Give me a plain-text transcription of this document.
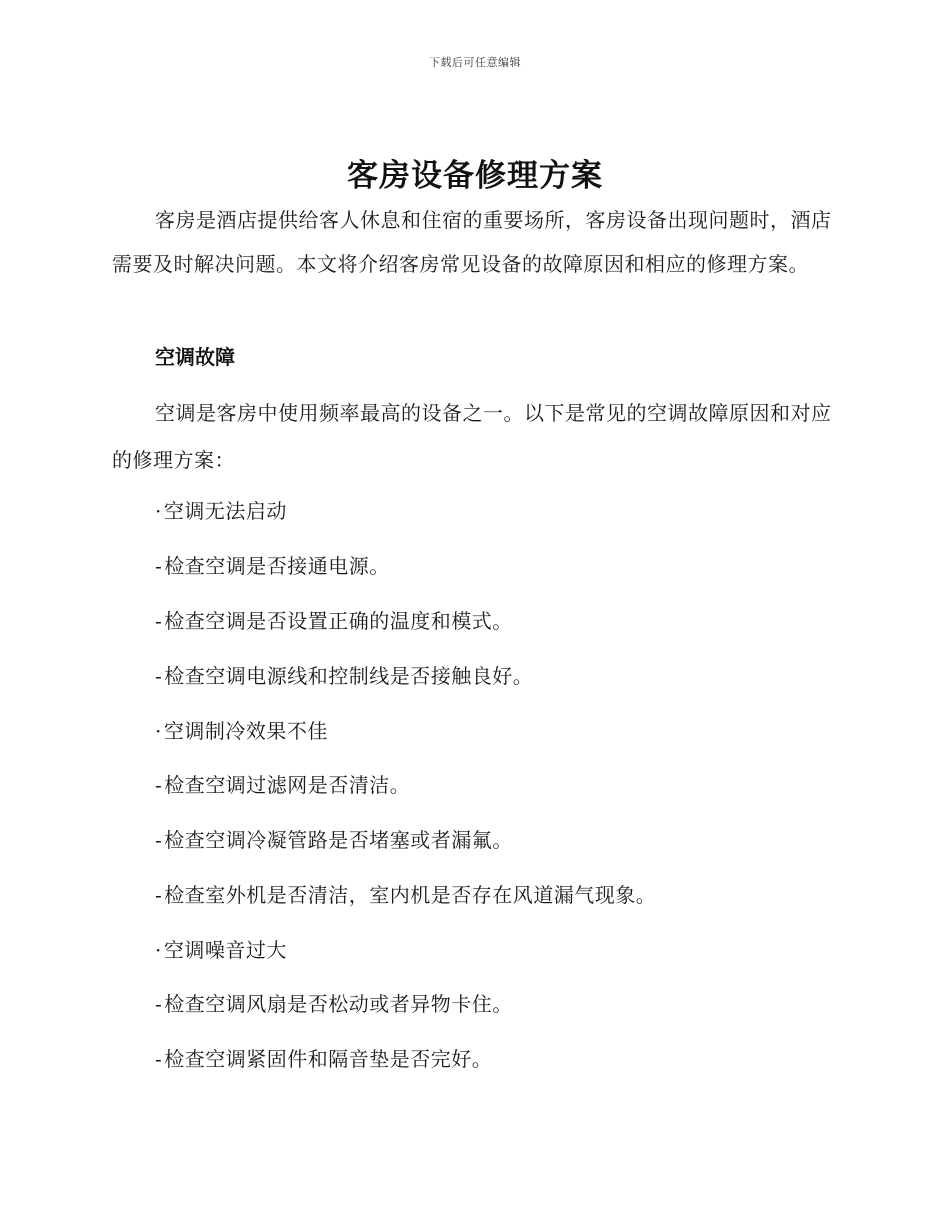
下载后可任意编辑
客房设备修理方案

客房是酒店提供给客人休息和住宿的重要场所，客房设备出现问题时，酒店需要及时解决问题。本文将介绍客房常见设备的故障原因和相应的修理方案。

空调故障

空调是客房中使用频率最高的设备之一。以下是常见的空调故障原因和对应的修理方案：

· 空调无法启动

- 检查空调是否接通电源。

- 检查空调是否设置正确的温度和模式。

- 检查空调电源线和控制线是否接触良好。

· 空调制冷效果不佳

- 检查空调过滤网是否清洁。

- 检查空调冷凝管路是否堵塞或者漏氟。

- 检查室外机是否清洁，室内机是否存在风道漏气现象。

· 空调噪音过大

- 检查空调风扇是否松动或者异物卡住。

- 检查空调紧固件和隔音垫是否完好。
